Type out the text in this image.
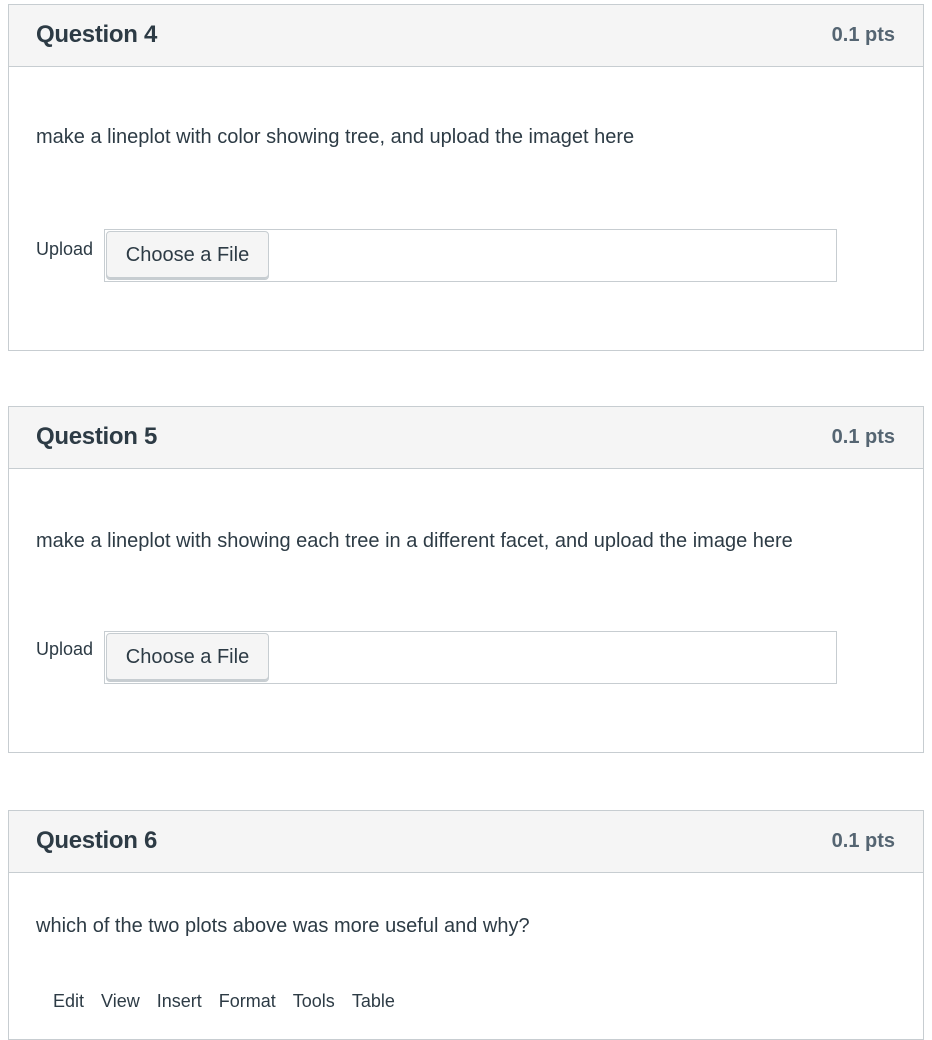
Question 4	0.1 pts
make a lineplot with color showing tree, and upload the imaget here
Upload	Choose a File
Question 5	0.1 pts
make a lineplot with showing each tree in a different facet, and upload the image here
Upload	Choose a File
Question 6	0.1 pts
which of the two plots above was more useful and why?
Edit View Insert Format Tools Table
